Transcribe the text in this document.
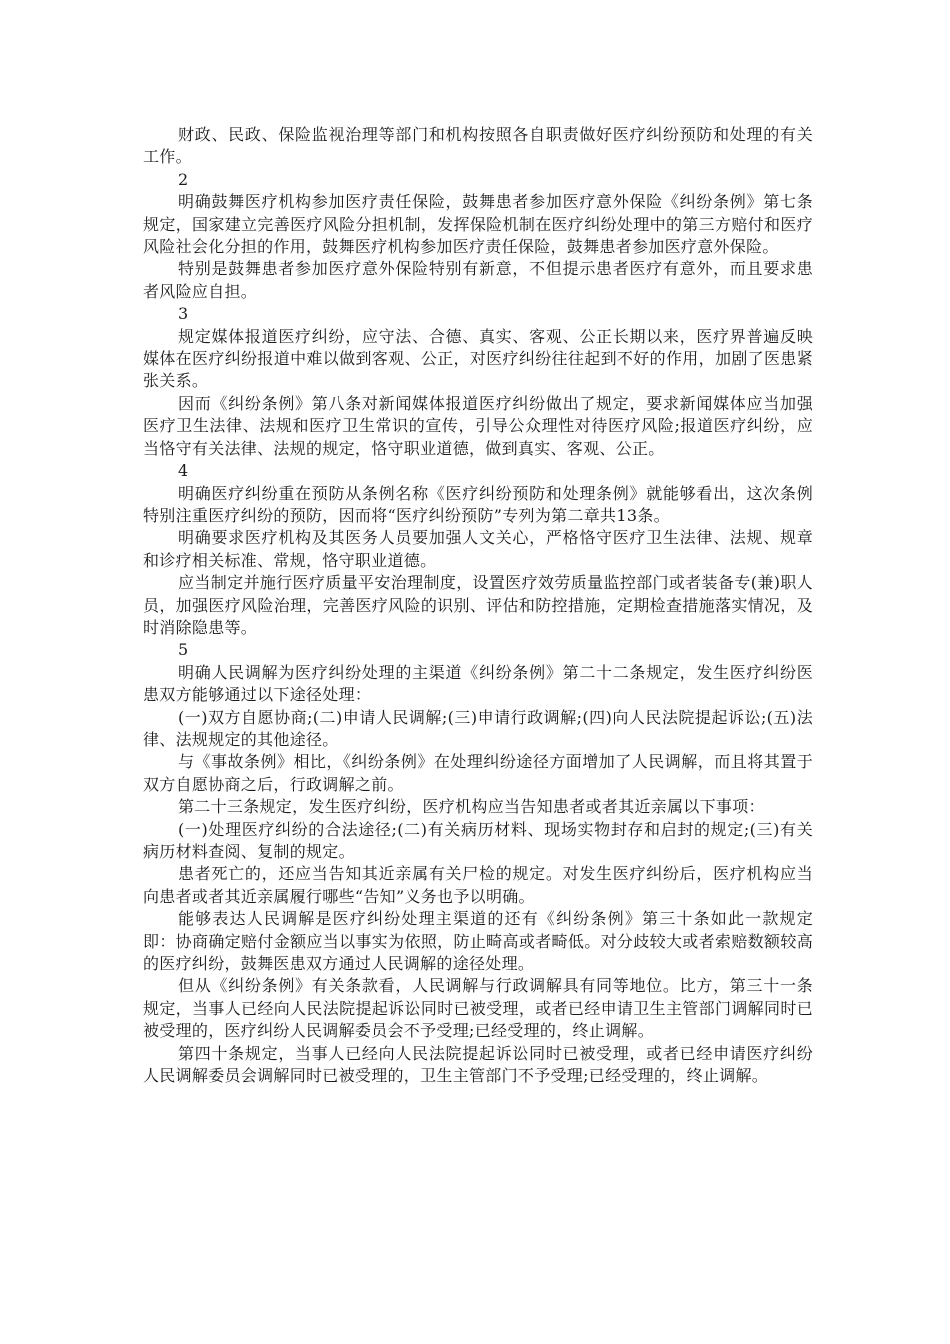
财政、民政、保险监视治理等部门和机构按照各自职责做好医疗纠纷预防和处理的有关工作。

2

明确鼓舞医疗机构参加医疗责任保险，鼓舞患者参加医疗意外保险《纠纷条例》第七条规定，国家建立完善医疗风险分担机制，发挥保险机制在医疗纠纷处理中的第三方赔付和医疗风险社会化分担的作用，鼓舞医疗机构参加医疗责任保险，鼓舞患者参加医疗意外保险。

特别是鼓舞患者参加医疗意外保险特别有新意，不但提示患者医疗有意外，而且要求患者风险应自担。

3

规定媒体报道医疗纠纷，应守法、合德、真实、客观、公正长期以来，医疗界普遍反映媒体在医疗纠纷报道中难以做到客观、公正，对医疗纠纷往往起到不好的作用，加剧了医患紧张关系。

因而《纠纷条例》第八条对新闻媒体报道医疗纠纷做出了规定，要求新闻媒体应当加强医疗卫生法律、法规和医疗卫生常识的宣传，引导公众理性对待医疗风险;报道医疗纠纷，应当恪守有关法律、法规的规定，恪守职业道德，做到真实、客观、公正。

4

明确医疗纠纷重在预防从条例名称《医疗纠纷预防和处理条例》就能够看出，这次条例特别注重医疗纠纷的预防，因而将“医疗纠纷预防”专列为第二章共13条。

明确要求医疗机构及其医务人员要加强人文关心，严格恪守医疗卫生法律、法规、规章和诊疗相关标准、常规，恪守职业道德。

应当制定并施行医疗质量平安治理制度，设置医疗效劳质量监控部门或者装备专(兼)职人员，加强医疗风险治理，完善医疗风险的识别、评估和防控措施，定期检查措施落实情况，及时消除隐患等。

5

明确人民调解为医疗纠纷处理的主渠道《纠纷条例》第二十二条规定，发生医疗纠纷医患双方能够通过以下途径处理：

(一)双方自愿协商;(二)申请人民调解;(三)申请行政调解;(四)向人民法院提起诉讼;(五)法律、法规规定的其他途径。

与《事故条例》相比，《纠纷条例》在处理纠纷途径方面增加了人民调解，而且将其置于双方自愿协商之后，行政调解之前。

第二十三条规定，发生医疗纠纷，医疗机构应当告知患者或者其近亲属以下事项：

(一)处理医疗纠纷的合法途径;(二)有关病历材料、现场实物封存和启封的规定;(三)有关病历材料查阅、复制的规定。

患者死亡的，还应当告知其近亲属有关尸检的规定。对发生医疗纠纷后，医疗机构应当向患者或者其近亲属履行哪些“告知”义务也予以明确。

能够表达人民调解是医疗纠纷处理主渠道的还有《纠纷条例》第三十条如此一款规定即：协商确定赔付金额应当以事实为依照，防止畸高或者畸低。对分歧较大或者索赔数额较高的医疗纠纷，鼓舞医患双方通过人民调解的途径处理。

但从《纠纷条例》有关条款看，人民调解与行政调解具有同等地位。比方，第三十一条规定，当事人已经向人民法院提起诉讼同时已被受理，或者已经申请卫生主管部门调解同时已被受理的，医疗纠纷人民调解委员会不予受理;已经受理的，终止调解。

第四十条规定，当事人已经向人民法院提起诉讼同时已被受理，或者已经申请医疗纠纷人民调解委员会调解同时已被受理的，卫生主管部门不予受理;已经受理的，终止调解。
